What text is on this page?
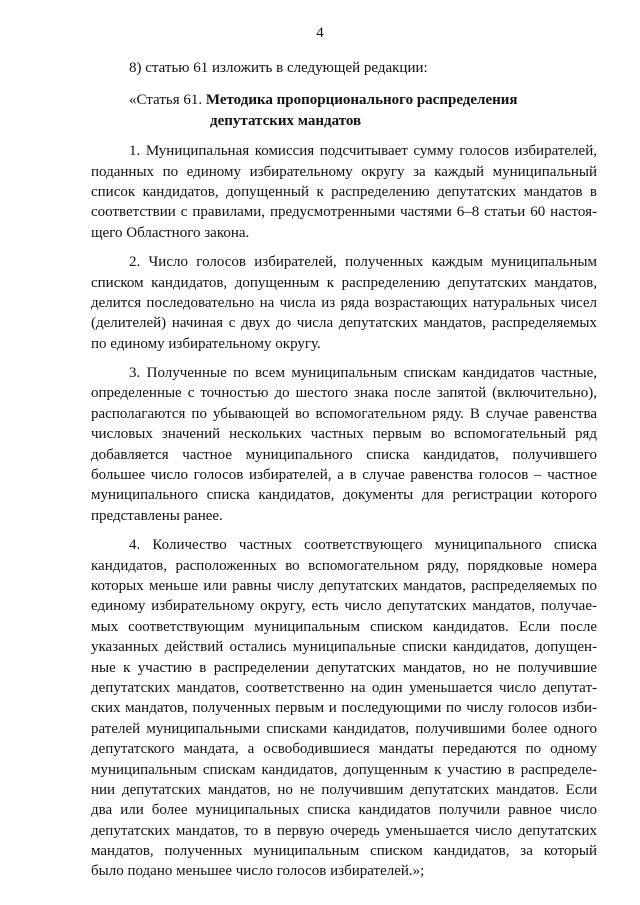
4
8) статью 61 изложить в следующей редакции:
«Статья 61. Методика пропорционального распределения
депутатских мандатов
1. Муниципальная комиссия подсчитывает сумму голосов избирателей,
поданных по единому избирательному округу за каждый муниципальный
список кандидатов, допущенный к распределению депутатских мандатов в
соответствии с правилами, предусмотренными частями 6–8 статьи 60 настоя-
щего Областного закона.
2. Число голосов избирателей, полученных каждым муниципальным
списком кандидатов, допущенным к распределению депутатских мандатов,
делится последовательно на числа из ряда возрастающих натуральных чисел
(делителей) начиная с двух до числа депутатских мандатов, распределяемых
по единому избирательному округу.
3. Полученные по всем муниципальным спискам кандидатов частные,
определенные с точностью до шестого знака после запятой (включительно),
располагаются по убывающей во вспомогательном ряду. В случае равенства
числовых значений нескольких частных первым во вспомогательный ряд
добавляется частное муниципального списка кандидатов, получившего
большее число голосов избирателей, а в случае равенства голосов – частное
муниципального списка кандидатов, документы для регистрации которого
представлены ранее.
4. Количество частных соответствующего муниципального списка
кандидатов, расположенных во вспомогательном ряду, порядковые номера
которых меньше или равны числу депутатских мандатов, распределяемых по
единому избирательному округу, есть число депутатских мандатов, получае-
мых соответствующим муниципальным списком кандидатов. Если после
указанных действий остались муниципальные списки кандидатов, допущен-
ные к участию в распределении депутатских мандатов, но не получившие
депутатских мандатов, соответственно на один уменьшается число депутат-
ских мандатов, полученных первым и последующими по числу голосов изби-
рателей муниципальными списками кандидатов, получившими более одного
депутатского мандата, а освободившиеся мандаты передаются по одному
муниципальным спискам кандидатов, допущенным к участию в распределе-
нии депутатских мандатов, но не получившим депутатских мандатов. Если
два или более муниципальных списка кандидатов получили равное число
депутатских мандатов, то в первую очередь уменьшается число депутатских
мандатов, полученных муниципальным списком кандидатов, за который
было подано меньшее число голосов избирателей.»;
